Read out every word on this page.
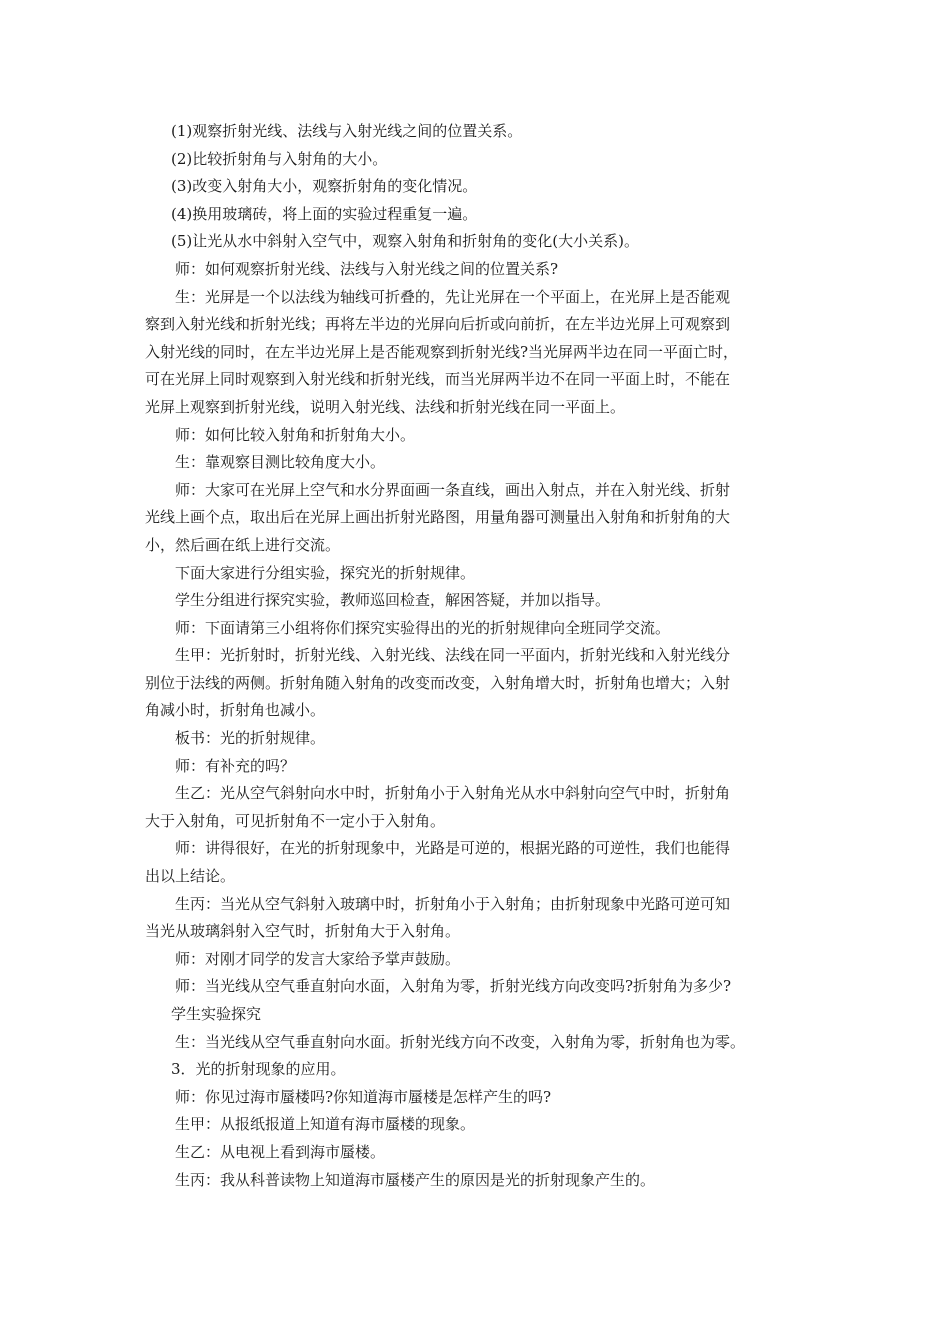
(1)观察折射光线、法线与入射光线之间的位置关系。
(2)比较折射角与入射角的大小。
(3)改变入射角大小，观察折射角的变化情况。
(4)换用玻璃砖，将上面的实验过程重复一遍。
(5)让光从水中斜射入空气中，观察入射角和折射角的变化(大小关系)。
师：如何观察折射光线、法线与入射光线之间的位置关系?
生：光屏是一个以法线为轴线可折叠的，先让光屏在一个平面上，在光屏上是否能观
察到入射光线和折射光线；再将左半边的光屏向后折或向前折，在左半边光屏上可观察到
入射光线的同时，在左半边光屏上是否能观察到折射光线?当光屏两半边在同一平面亡时，
可在光屏上同时观察到入射光线和折射光线，而当光屏两半边不在同一平面上时，不能在
光屏上观察到折射光线，说明入射光线、法线和折射光线在同一平面上。
师：如何比较入射角和折射角大小。
生：靠观察目测比较角度大小。
师：大家可在光屏上空气和水分界面画一条直线，画出入射点，并在入射光线、折射
光线上画个点，取出后在光屏上画出折射光路图，用量角器可测量出入射角和折射角的大
小，然后画在纸上进行交流。
下面大家进行分组实验，探究光的折射规律。
学生分组进行探究实验，教师巡回检查，解困答疑，并加以指导。
师：下面请第三小组将你们探究实验得出的光的折射规律向全班同学交流。
生甲：光折射时，折射光线、入射光线、法线在同一平面内，折射光线和入射光线分
别位于法线的两侧。折射角随入射角的改变而改变，入射角增大时，折射角也增大；入射
角减小时，折射角也减小。
板书：光的折射规律。
师：有补充的吗？
生乙：光从空气斜射向水中时，折射角小于入射角光从水中斜射向空气中时，折射角
大于入射角，可见折射角不一定小于入射角。
师：讲得很好，在光的折射现象中，光路是可逆的，根据光路的可逆性，我们也能得
出以上结论。
生丙：当光从空气斜射入玻璃中时，折射角小于入射角；由折射现象中光路可逆可知
当光从玻璃斜射入空气时，折射角大于入射角。
师：对刚才同学的发言大家给予掌声鼓励。
师：当光线从空气垂直射向水面，入射角为零，折射光线方向改变吗?折射角为多少?
学生实验探究
生：当光线从空气垂直射向水面。折射光线方向不改变，入射角为零，折射角也为零。
3．光的折射现象的应用。
师：你见过海市蜃楼吗?你知道海市蜃楼是怎样产生的吗?
生甲：从报纸报道上知道有海市蜃楼的现象。
生乙：从电视上看到海市蜃楼。
生丙：我从科普读物上知道海市蜃楼产生的原因是光的折射现象产生的。
